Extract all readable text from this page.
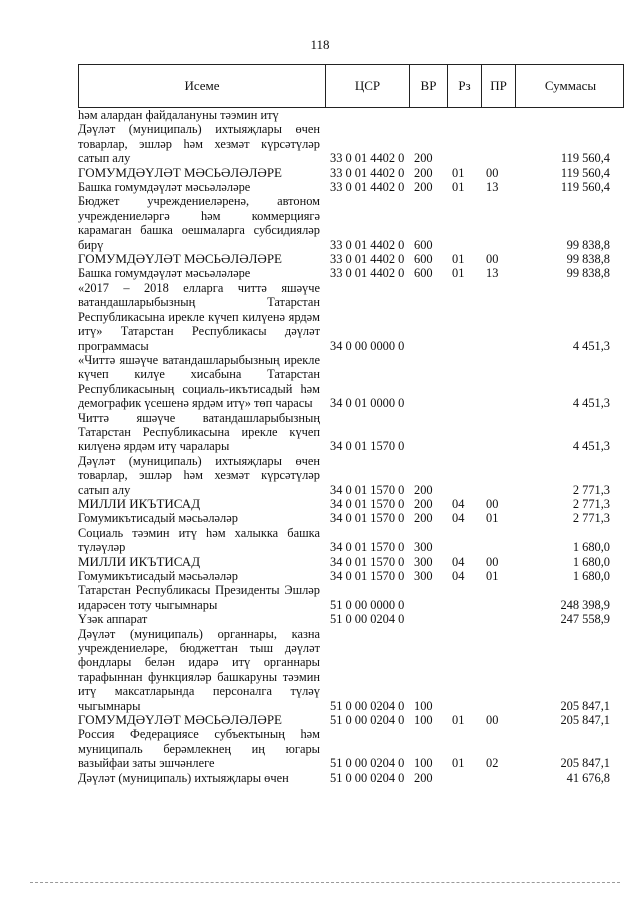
118
Исеме	ЦСР	ВР	Рз	ПР	Суммасы
һәм алардан файдалануны тәэмин итү
Дәүләт (муниципаль) ихтыяҗлары өчен товарлар, эшләр һәм хезмәт күрсәтүләр сатып алу	33 0 01 4402 0 200	119 560,4
ГОМУМДӘҮЛӘТ МӘСЬӘЛӘЛӘРЕ	33 0 01 4402 0 200	01	00	119 560,4
Башка гомумдәүләт мәсьәләләре	33 0 01 4402 0 200	01	13	119 560,4
Бюджет учреждениеләренә, автоном учреждениеләргә һәм коммерциягә карамаган башка оешмаларга субсидияләр бирү	33 0 01 4402 0 600	99 838,8
ГОМУМДӘҮЛӘТ МӘСЬӘЛӘЛӘРЕ	33 0 01 4402 0 600	01	00	99 838,8
Башка гомумдәүләт мәсьәләләре	33 0 01 4402 0 600	01	13	99 838,8
«2017 – 2018 елларга читтә яшәүче ватандашларыбызның Татарстан Республикасына ирекле күчеп килүенә ярдәм итү» Татарстан Республикасы дәүләт программасы	34 0 00 0000 0	4 451,3
«Читтә яшәүче ватандашларыбызның ирекле күчеп килүе хисабына Татарстан Республикасының социаль-икътисадый һәм демографик үсешенә ярдәм итү» төп чарасы	34 0 01 0000 0	4 451,3
Читтә яшәүче ватандашларыбызның Татарстан Республикасына ирекле күчеп килүенә ярдәм итү чаралары	34 0 01 1570 0	4 451,3
Дәүләт (муниципаль) ихтыяҗлары өчен товарлар, эшләр һәм хезмәт күрсәтүләр сатып алу	34 0 01 1570 0 200	2 771,3
МИЛЛИ ИКЪТИСАД	34 0 01 1570 0 200	04	00	2 771,3
Гомумикътисадый мәсьәләләр	34 0 01 1570 0 200	04	01	2 771,3
Социаль тәэмин итү һәм халыкка башка түләүләр	34 0 01 1570 0 300	1 680,0
МИЛЛИ ИКЪТИСАД	34 0 01 1570 0 300	04	00	1 680,0
Гомумикътисадый мәсьәләләр	34 0 01 1570 0 300	04	01	1 680,0
Татарстан Республикасы Президенты Эшләр идарәсен тоту чыгымнары	51 0 00 0000 0	248 398,9
Үзәк аппарат	51 0 00 0204 0	247 558,9
Дәүләт (муниципаль) органнары, казна учреждениеләре, бюджеттан тыш дәүләт фондлары белән идарә итү органнары тарафыннан функцияләр башкаруны тәэмин итү максатларында персоналга түләү чыгымнары	51 0 00 0204 0 100	205 847,1
ГОМУМДӘҮЛӘТ МӘСЬӘЛӘЛӘРЕ	51 0 00 0204 0 100	01	00	205 847,1
Россия Федерациясе субъектының һәм муниципаль берәмлекнең иң югары вазыйфаи заты эшчәнлеге	51 0 00 0204 0 100	01	02	205 847,1
Дәүләт (муниципаль) ихтыяҗлары өчен	51 0 00 0204 0 200	41 676,8
